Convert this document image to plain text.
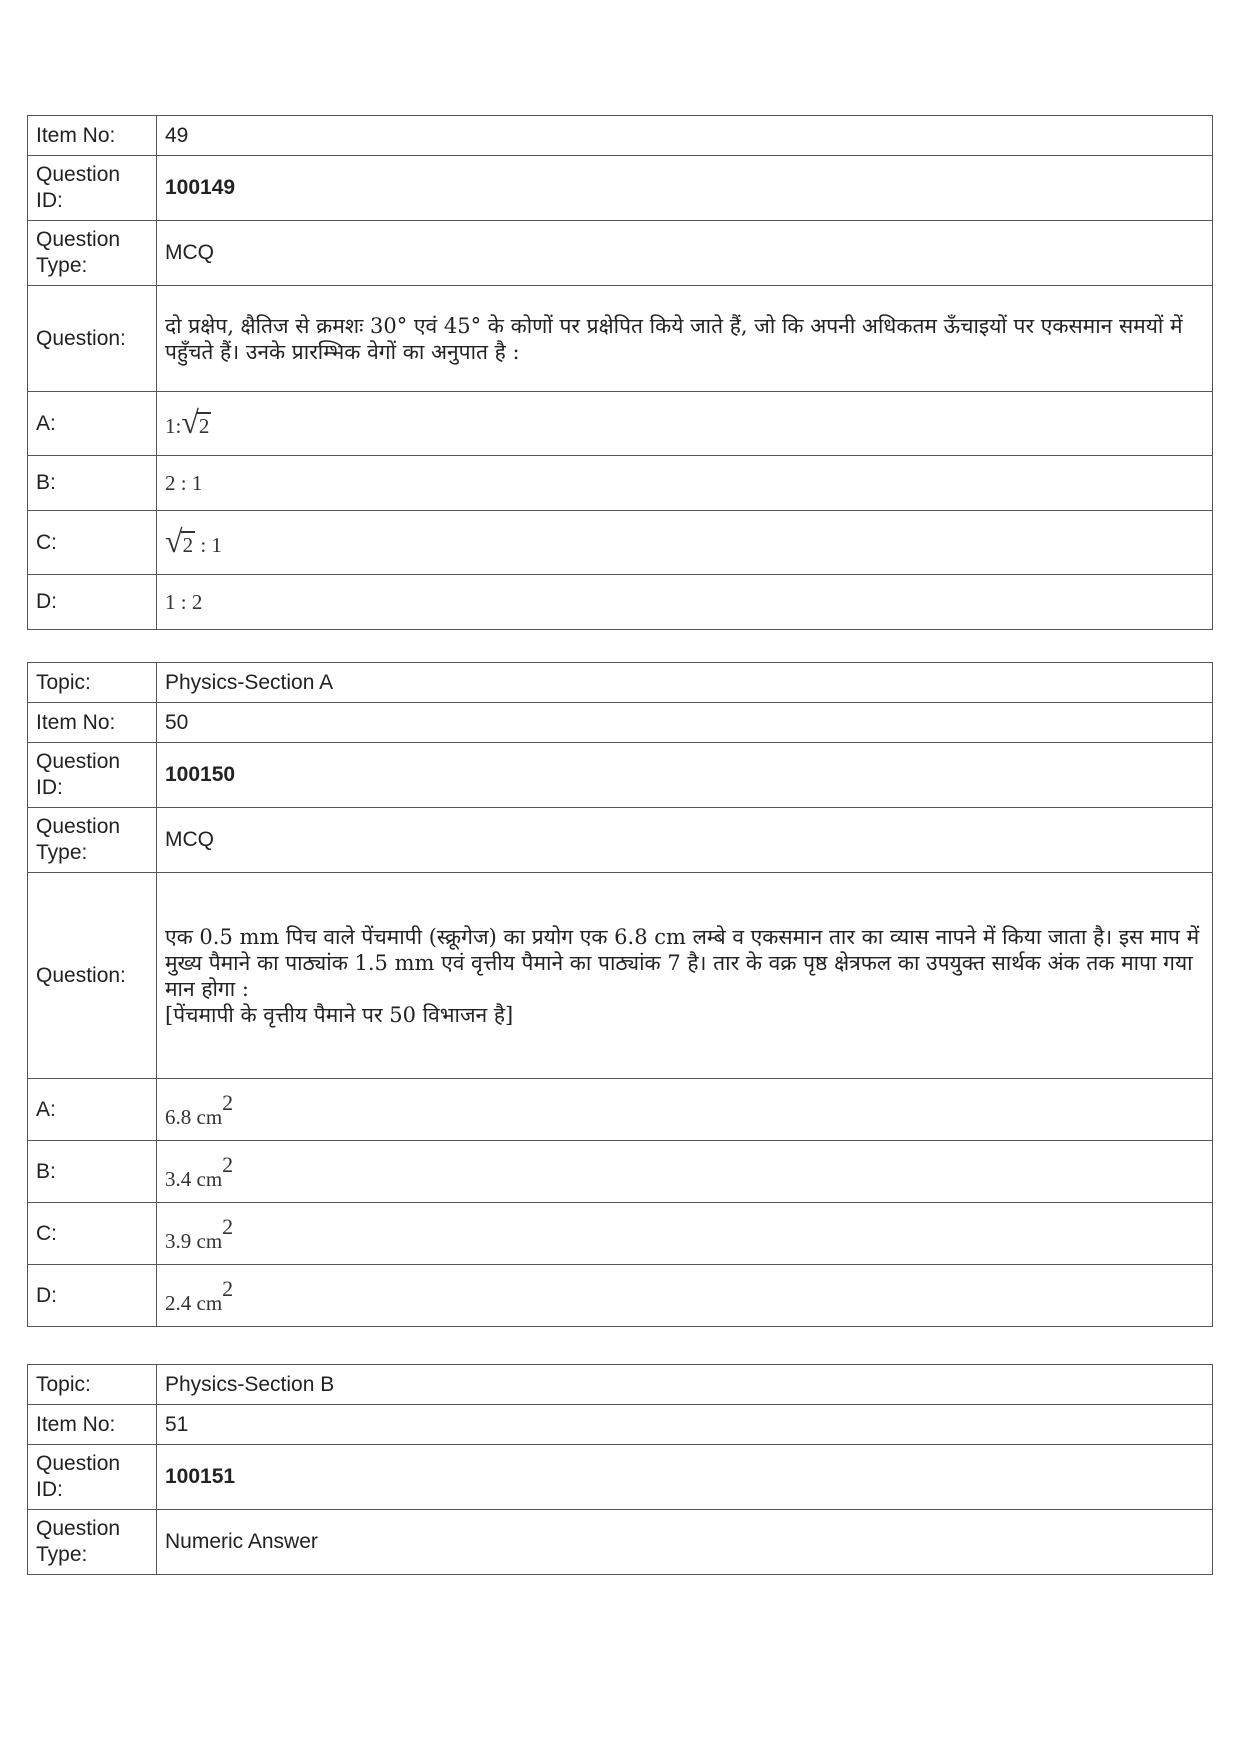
Item No:	49
Question ID:	100149
Question Type:	MCQ
Question:	दो प्रक्षेप, क्षैतिज से क्रमशः 30° एवं 45° के कोणों पर प्रक्षेपित किये जाते हैं, जो कि अपनी अधिकतम ऊँचाइयों पर एकसमान समयों में पहुँचते हैं। उनके प्रारम्भिक वेगों का अनुपात है :
A:	1:√2
B:	2 : 1
C:	√2 : 1
D:	1 : 2
Topic:	Physics-Section A
Item No:	50
Question ID:	100150
Question Type:	MCQ
Question:	एक 0.5 mm पिच वाले पेंचमापी (स्क्रूगेज) का प्रयोग एक 6.8 cm लम्बे व एकसमान तार का व्यास नापने में किया जाता है। इस माप में मुख्य पैमाने का पाठ्यांक 1.5 mm एवं वृत्तीय पैमाने का पाठ्यांक 7 है। तार के वक्र पृष्ठ क्षेत्रफल का उपयुक्त सार्थक अंक तक मापा गया मान होगा :
[पेंचमापी के वृत्तीय पैमाने पर 50 विभाजन है]

A:	6.8 $cm^2$
B:	3.4 $cm^2$
C:	3.9 $cm^2$
D:	2.4 $cm^2$
Topic:	Physics-Section B
Item No:	51
Question ID:	100151
Question Type:	Numeric Answer
